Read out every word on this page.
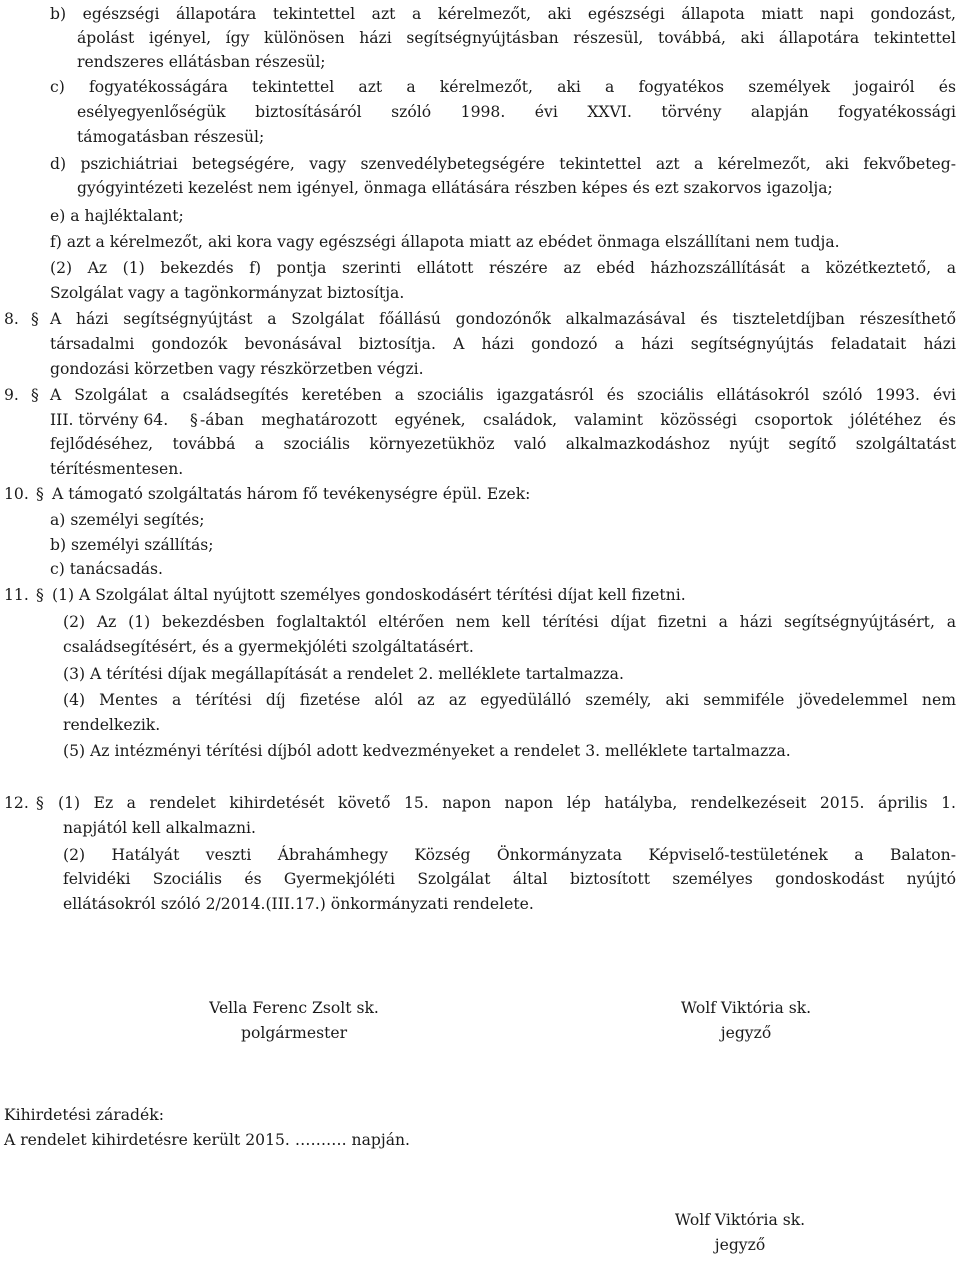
b) egészségi állapotára tekintettel azt a kérelmezőt, aki egészségi állapota miatt napi gondozást,
ápolást igényel, így különösen házi segítségnyújtásban részesül, továbbá, aki állapotára tekintettel
rendszeres ellátásban részesül;
c) fogyatékosságára tekintettel azt a kérelmezőt, aki a fogyatékos személyek jogairól és
esélyegyenlőségük biztosításáról szóló 1998. évi XXVI. törvény alapján fogyatékossági
támogatásban részesül;
d) pszichiátriai betegségére, vagy szenvedélybetegségére tekintettel azt a kérelmezőt, aki fekvőbeteg-
gyógyintézeti kezelést nem igényel, önmaga ellátására részben képes és ezt szakorvos igazolja;
e) a hajléktalant;
f) azt a kérelmezőt, aki kora vagy egészségi állapota miatt az ebédet önmaga elszállítani nem tudja.
(2) Az (1) bekezdés f) pontja szerinti ellátott részére az ebéd házhozszállítását a közétkeztető, a
Szolgálat vagy a tagönkormányzat biztosítja.
8. § A házi segítségnyújtást a Szolgálat főállású gondozónők alkalmazásával és tiszteletdíjban részesíthető
társadalmi gondozók bevonásával biztosítja. A házi gondozó a házi segítségnyújtás feladatait házi
gondozási körzetben vagy részkörzetben végzi.
9. § A Szolgálat a családsegítés keretében a szociális igazgatásról és szociális ellátásokról szóló 1993. évi
III. törvény 64. § -ában meghatározott egyének, családok, valamint közösségi csoportok jólétéhez és
fejlődéséhez, továbbá a szociális környezetükhöz való alkalmazkodáshoz nyújt segítő szolgáltatást
térítésmentesen.
10. § A támogató szolgáltatás három fő tevékenységre épül. Ezek:
a) személyi segítés;
b) személyi szállítás;
c) tanácsadás.
11. § (1) A Szolgálat által nyújtott személyes gondoskodásért térítési díjat kell fizetni.
(2) Az (1) bekezdésben foglaltaktól eltérően nem kell térítési díjat fizetni a házi segítségnyújtásért, a
családsegítésért, és a gyermekjóléti szolgáltatásért.
(3) A térítési díjak megállapítását a rendelet 2. melléklete tartalmazza.
(4) Mentes a térítési díj fizetése alól az az egyedülálló személy, aki semmiféle jövedelemmel nem
rendelkezik.
(5) Az intézményi térítési díjból adott kedvezményeket a rendelet 3. melléklete tartalmazza.
12. § (1) Ez a rendelet kihirdetését követő 15. napon napon lép hatályba, rendelkezéseit 2015. április 1.
napjától kell alkalmazni.
(2) Hatályát veszti Ábrahámhegy Község Önkormányzata Képviselő-testületének a Balaton-
felvidéki Szociális és Gyermekjóléti Szolgálat által biztosított személyes gondoskodást nyújtó
ellátásokról szóló 2/2014.(III.17.) önkormányzati rendelete.
Vella Ferenc Zsolt sk.
polgármester
Wolf Viktória sk.
jegyző
Kihirdetési záradék:
A rendelet kihirdetésre került 2015. ………. napján.
Wolf Viktória sk.
jegyző
